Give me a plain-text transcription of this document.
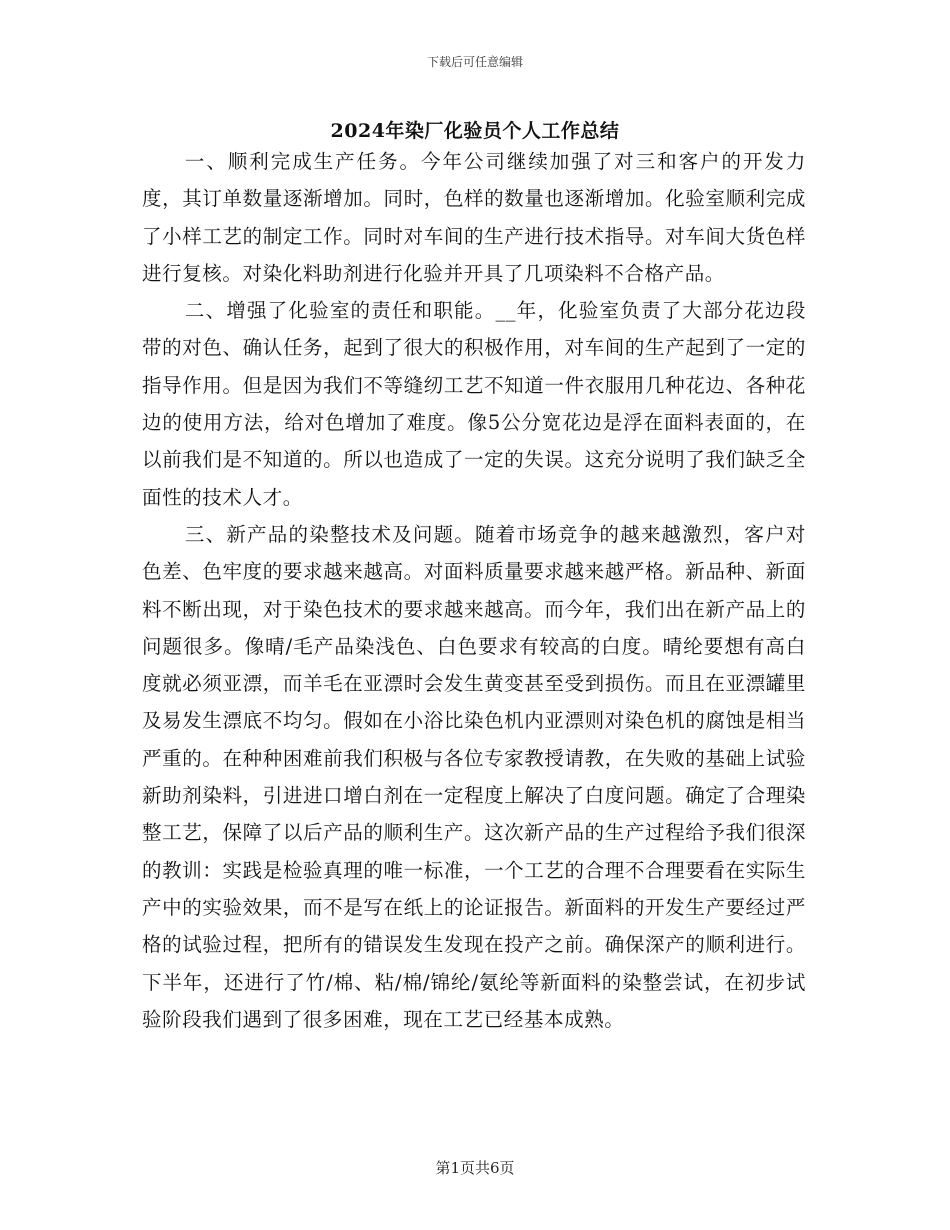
下载后可任意编辑
2024年染厂化验员个人工作总结

一、顺利完成生产任务。今年公司继续加强了对三和客户的开发力度，其订单数量逐渐增加。同时，色样的数量也逐渐增加。化验室顺利完成了小样工艺的制定工作。同时对车间的生产进行技术指导。对车间大货色样进行复核。对染化料助剂进行化验并开具了几项染料不合格产品。

二、增强了化验室的责任和职能。__年，化验室负责了大部分花边段带的对色、确认任务，起到了很大的积极作用，对车间的生产起到了一定的指导作用。但是因为我们不等缝纫工艺不知道一件衣服用几种花边、各种花边的使用方法，给对色增加了难度。像5公分宽花边是浮在面料表面的，在以前我们是不知道的。所以也造成了一定的失误。这充分说明了我们缺乏全面性的技术人才。

三、新产品的染整技术及问题。随着市场竞争的越来越激烈，客户对色差、色牢度的要求越来越高。对面料质量要求越来越严格。新品种、新面料不断出现，对于染色技术的要求越来越高。而今年，我们出在新产品上的问题很多。像晴/毛产品染浅色、白色要求有较高的白度。晴纶要想有高白度就必须亚漂，而羊毛在亚漂时会发生黄变甚至受到损伤。而且在亚漂罐里及易发生漂底不均匀。假如在小浴比染色机内亚漂则对染色机的腐蚀是相当严重的。在种种困难前我们积极与各位专家教授请教，在失败的基础上试验新助剂染料，引进进口增白剂在一定程度上解决了白度问题。确定了合理染整工艺，保障了以后产品的顺利生产。这次新产品的生产过程给予我们很深的教训：实践是检验真理的唯一标准，一个工艺的合理不合理要看在实际生产中的实验效果，而不是写在纸上的论证报告。新面料的开发生产要经过严格的试验过程，把所有的错误发生发现在投产之前。确保深产的顺利进行。下半年，还进行了竹/棉、粘/棉/锦纶/氨纶等新面料的染整尝试，在初步试验阶段我们遇到了很多困难，现在工艺已经基本成熟。

第1页共6页
